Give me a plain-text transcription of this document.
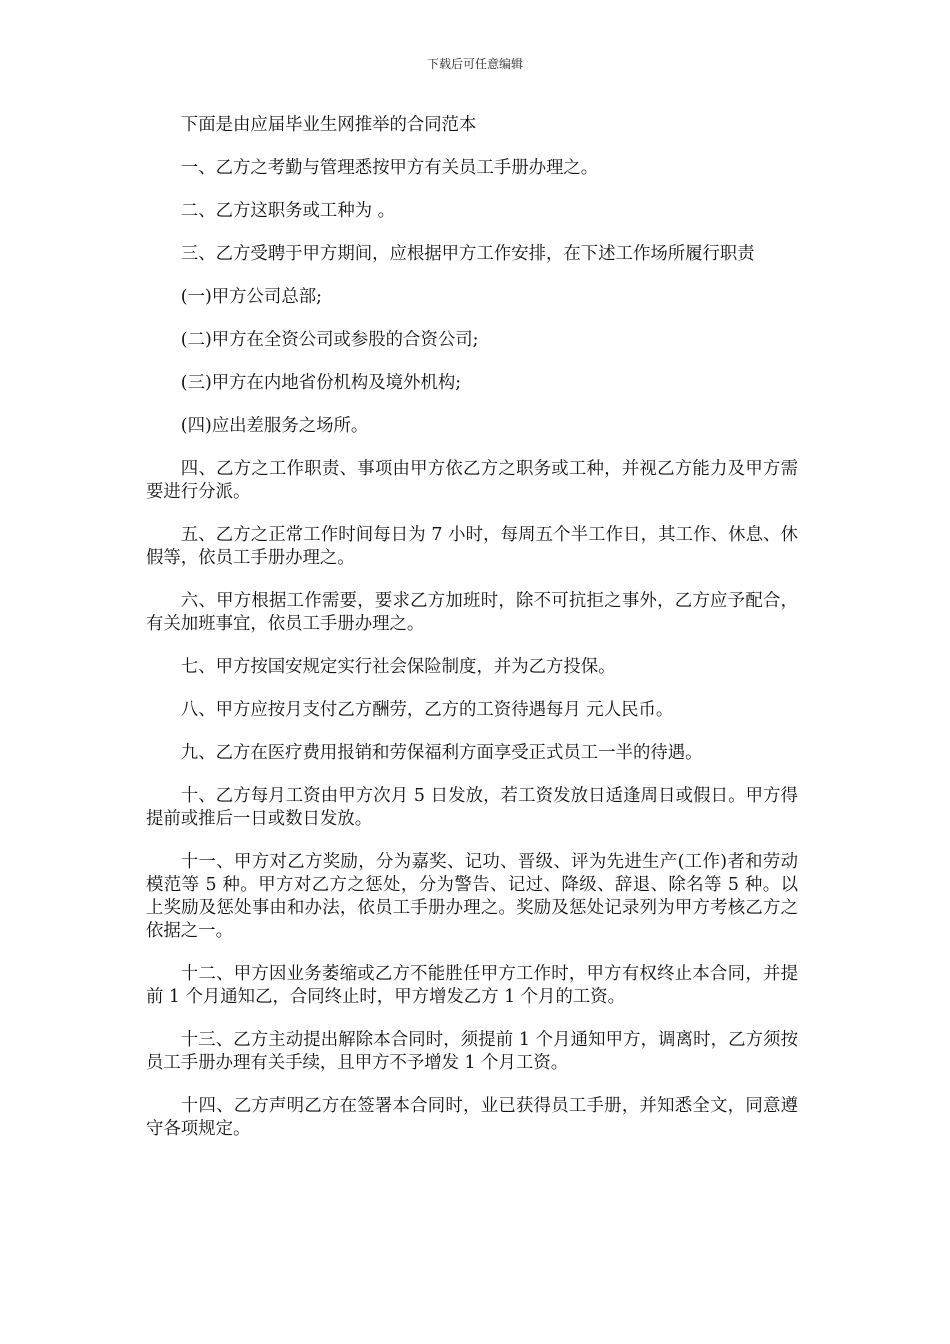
下载后可任意编辑

下面是由应届毕业生网推举的合同范本

一、乙方之考勤与管理悉按甲方有关员工手册办理之。

二、乙方这职务或工种为 。

三、乙方受聘于甲方期间，应根据甲方工作安排，在下述工作场所履行职责

(一)甲方公司总部;

(二)甲方在全资公司或参股的合资公司;

(三)甲方在内地省份机构及境外机构;

(四)应出差服务之场所。

四、乙方之工作职责、事项由甲方依乙方之职务或工种，并视乙方能力及甲方需要进行分派。

五、乙方之正常工作时间每日为 7 小时，每周五个半工作日，其工作、休息、休假等，依员工手册办理之。

六、甲方根据工作需要，要求乙方加班时，除不可抗拒之事外，乙方应予配合，有关加班事宜，依员工手册办理之。

七、甲方按国安规定实行社会保险制度，并为乙方投保。

八、甲方应按月支付乙方酬劳，乙方的工资待遇每月 元人民币。

九、乙方在医疗费用报销和劳保福利方面享受正式员工一半的待遇。

十、乙方每月工资由甲方次月 5 日发放，若工资发放日适逢周日或假日。甲方得提前或推后一日或数日发放。

十一、甲方对乙方奖励，分为嘉奖、记功、晋级、评为先进生产(工作)者和劳动模范等 5 种。甲方对乙方之惩处，分为警告、记过、降级、辞退、除名等 5 种。以上奖励及惩处事由和办法，依员工手册办理之。奖励及惩处记录列为甲方考核乙方之依据之一。

十二、甲方因业务萎缩或乙方不能胜任甲方工作时，甲方有权终止本合同，并提前 1 个月通知乙，合同终止时，甲方增发乙方 1 个月的工资。

十三、乙方主动提出解除本合同时，须提前 1 个月通知甲方，调离时，乙方须按员工手册办理有关手续，且甲方不予增发 1 个月工资。

十四、乙方声明乙方在签署本合同时，业已获得员工手册，并知悉全文，同意遵守各项规定。
